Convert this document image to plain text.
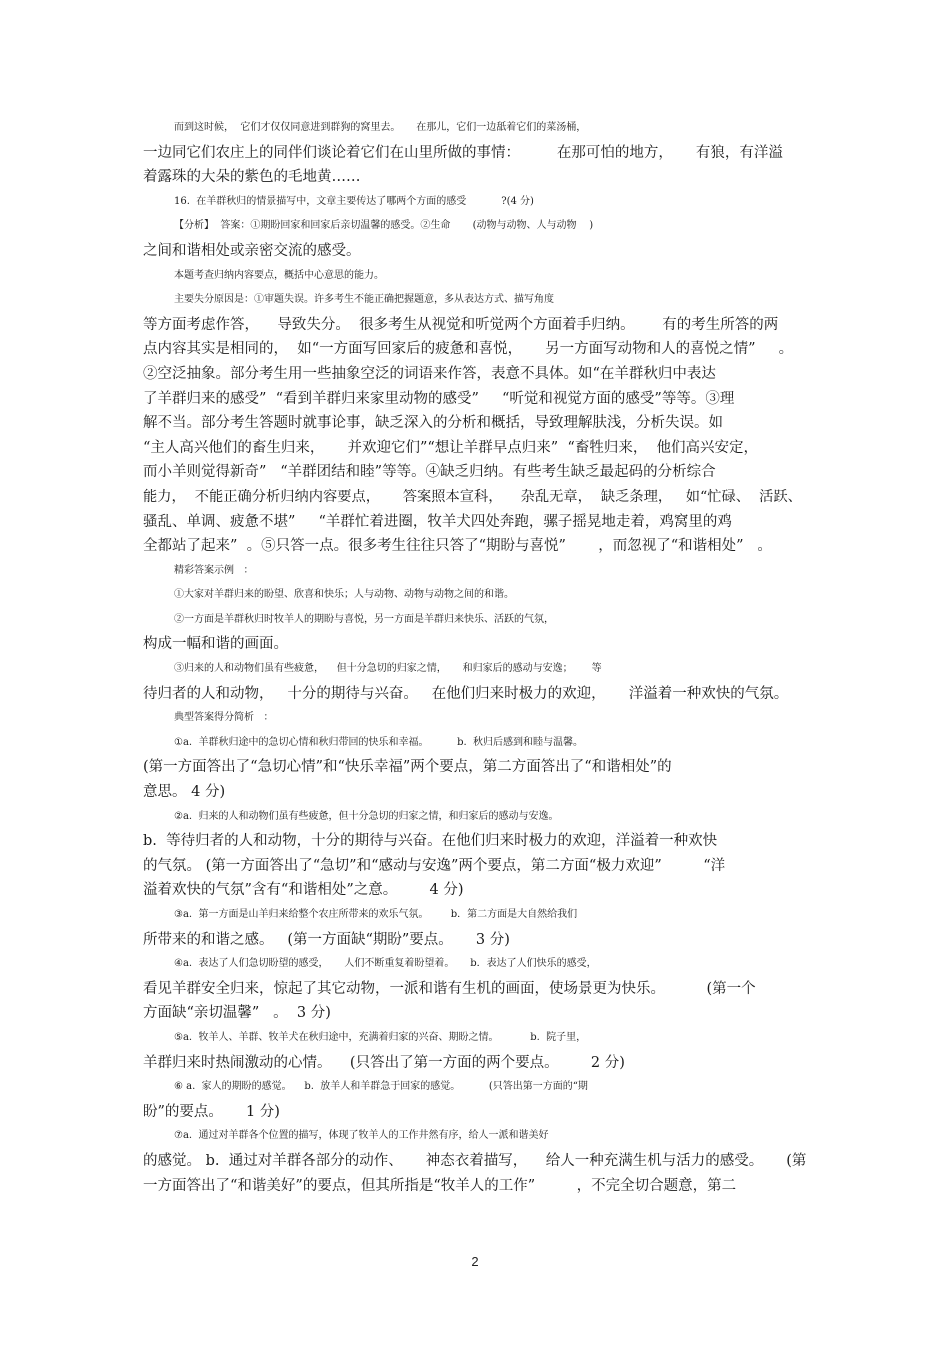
而到这时候，  它们才仅仅同意进到群狗的窝里去。     在那儿，它们一边舐着它们的菜汤桶，
一边同它们农庄上的同伴们谈论着它们在山里所做的事情：        在那可怕的地方，     有狼，有洋溢
着露珠的大朵的紫色的毛地黄……
16.  在羊群秋归的情景描写中，文章主要传达了哪两个方面的感受           ?(4 分)
【分析】  答案：①期盼回家和回家后亲切温馨的感受。②生命       (动物与动物、人与动物    )
之间和谐相处或亲密交流的感受。
本题考查归纳内容要点，概括中心意思的能力。
主要失分原因是：①审题失误。许多考生不能正确把握题意，多从表达方式、描写角度
等方面考虑作答，    导致失分。  很多考生从视觉和听觉两个方面着手归纳。      有的考生所答的两
点内容其实是相同的，  如“一方面写回家后的疲惫和喜悦，     另一方面写动物和人的喜悦之情”     。
②空泛抽象。部分考生用一些抽象空泛的词语来作答，表意不具体。如“在羊群秋归中表达
了羊群归来的感受”  “看到羊群归来家里动物的感受”     “听觉和视觉方面的感受”等等。③理
解不当。部分考生答题时就事论事，缺乏深入的分析和概括，导致理解肤浅，分析失误。如
“主人高兴他们的畜生归来，     并欢迎它们”“想让羊群早点归来”  “畜牲归来，  他们高兴安定，
而小羊则觉得新奇”   “羊群团结和睦”等等。④缺乏归纳。有些考生缺乏最起码的分析综合
能力，  不能正确分析归纳内容要点，     答案照本宣科，    杂乱无章，  缺乏条理，   如“忙碌、  活跃、
骚乱、单调、疲惫不堪”     “羊群忙着进圈，牧羊犬四处奔跑，骡子摇晃地走着，鸡窝里的鸡
全都站了起来”  。⑤只答一点。很多考生往往只答了“期盼与喜悦”       ，而忽视了“和谐相处”   。
精彩答案示例   ：
①大家对羊群归来的盼望、欣喜和快乐；人与动物、动物与动物之间的和谐。
②一方面是羊群秋归时牧羊人的期盼与喜悦，另一方面是羊群归来快乐、活跃的气氛，
构成一幅和谐的画面。
③归来的人和动物们虽有些疲惫，    但十分急切的归家之情，     和归家后的感动与安逸；      等
待归者的人和动物，   十分的期待与兴奋。   在他们归来时极力的欢迎，     洋溢着一种欢快的气氛。
典型答案得分简析   ：
①a.  羊群秋归途中的急切心情和秋归带回的快乐和幸福。         b.  秋归后感到和睦与温馨。
(第一方面答出了“急切心情”和“快乐幸福”两个要点，第二方面答出了“和谐相处”的
意思。 4 分)
②a.  归来的人和动物们虽有些疲惫，但十分急切的归家之情，和归家后的感动与安逸。
b.  等待归者的人和动物，十分的期待与兴奋。在他们归来时极力的欢迎，洋溢着一种欢快
的气氛。 (第一方面答出了“急切”和“感动与安逸”两个要点，第二方面“极力欢迎”         “洋
溢着欢快的气氛”含有“和谐相处”之意。       4 分)
③a.  第一方面是山羊归来给整个农庄所带来的欢乐气氛。       b．第二方面是大自然给我们
所带来的和谐之感。   (第一方面缺“期盼”要点。     3 分)
④a.  表达了人们急切盼望的感受，     人们不断重复着盼望着。     b．表达了人们快乐的感受，
看见羊群安全归来，惊起了其它动物，一派和谐有生机的画面，使场景更为快乐。         (第一个
方面缺“亲切温馨”   。  3 分)
⑤a.  牧羊人、羊群、牧羊犬在秋归途中，充满着归家的兴奋、期盼之情。          b.  院子里，
羊群归来时热闹激动的心情。    (只答出了第一方面的两个要点。       2 分)
⑥ a.  家人的期盼的感觉。    b.  放羊人和羊群急于回家的感觉。         (只答出第一方面的“期
盼”的要点。     1 分)
⑦a.  通过对羊群各个位置的描写，体现了牧羊人的工作井然有序，给人一派和谐美好
的感觉。 b.  通过对羊群各部分的动作、     神态衣着描写，    给人一种充满生机与活力的感受。     (第
一方面答出了“和谐美好”的要点，但其所指是“牧羊人的工作”         ，不完全切合题意，第二
2
